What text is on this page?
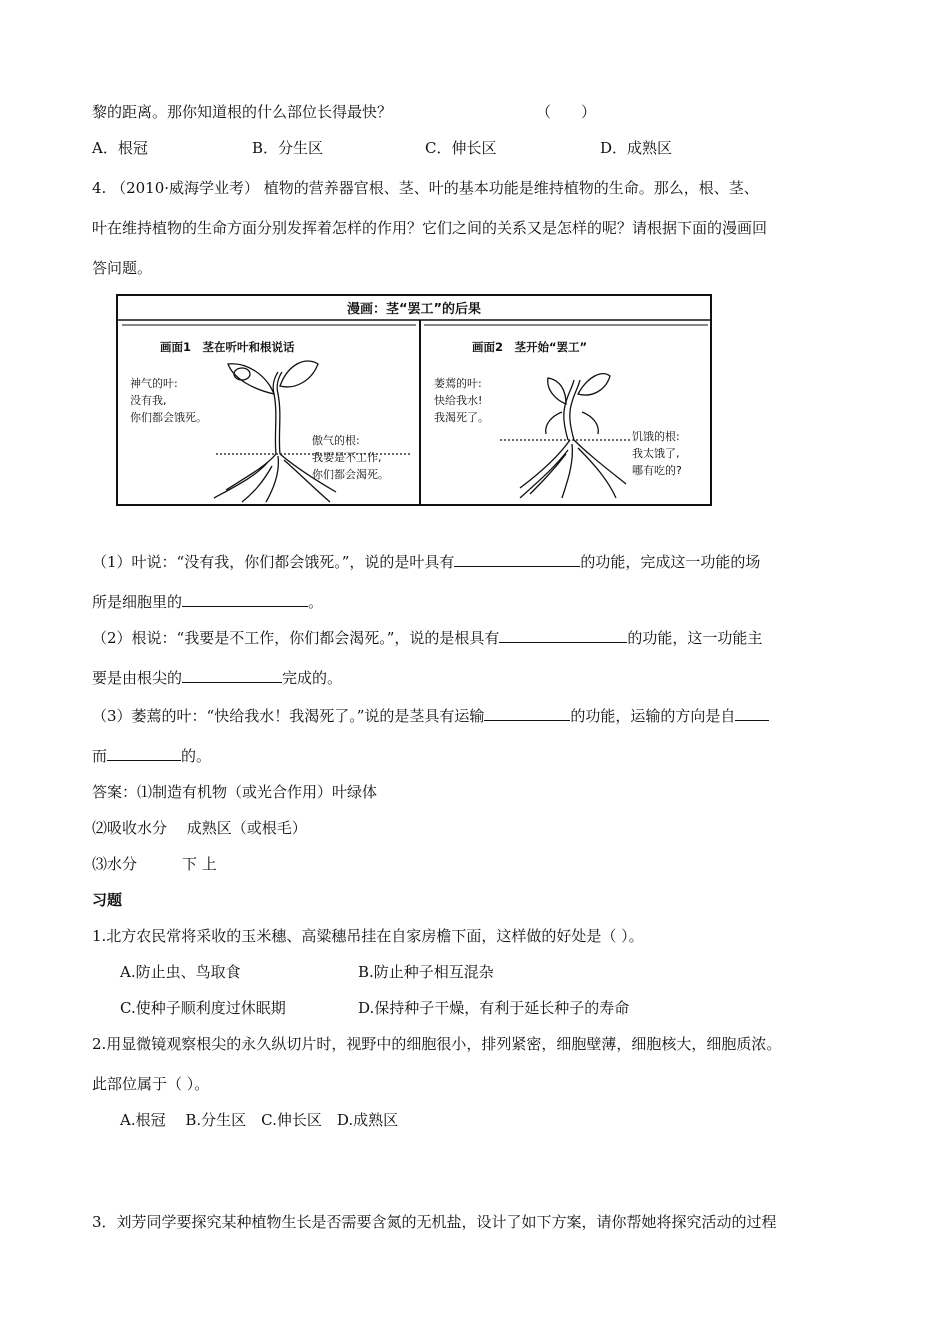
黎的距离。那你知道根的什么部位长得最快？	（　　）
A．根冠	B．分生区	C．伸长区	D．成熟区
4. （2010·威海学业考） 植物的营养器官根、茎、叶的基本功能是维持植物的生命。那么，根、茎、
叶在维持植物的生命方面分别发挥着怎样的作用？它们之间的关系又是怎样的呢？请根据下面的漫画回
答问题。
漫画：茎“罢工”的后果
画面1　茎在听叶和根说话
神气的叶:
没有我,
你们都会饿死。
傲气的根:
我要是不工作,
你们都会渴死。
画面2　茎开始“罢工”
萎蔫的叶:
快给我水!
我渴死了。
饥饿的根:
我太饿了,
哪有吃的?
（1）叶说：“没有我，你们都会饿死。”，说的是叶具有	的功能，完成这一功能的场
所是细胞里的	。
（2）根说：“我要是不工作，你们都会渴死。”，说的是根具有	的功能，这一功能主
要是由根尖的	完成的。
（3）萎蔫的叶：“快给我水！我渴死了。”说的是茎具有运输	的功能，运输的方向是自
而	的。
答案：⑴制造有机物（或光合作用）叶绿体
⑵吸收水分　 成熟区（或根毛）
⑶水分　　　下 上
习题
1.北方农民常将采收的玉米穗、高粱穗吊挂在自家房檐下面，这样做的好处是（ ）。
A.防止虫、鸟取食	B.防止种子相互混杂
C.使种子顺利度过休眠期	D.保持种子干燥，有利于延长种子的寿命
2.用显微镜观察根尖的永久纵切片时，视野中的细胞很小，排列紧密，细胞壁薄，细胞核大，细胞质浓。
此部位属于（ ）。
A.根冠　 B.分生区　C.伸长区　D.成熟区
3．刘芳同学要探究某种植物生长是否需要含氮的无机盐，设计了如下方案，请你帮她将探究活动的过程
